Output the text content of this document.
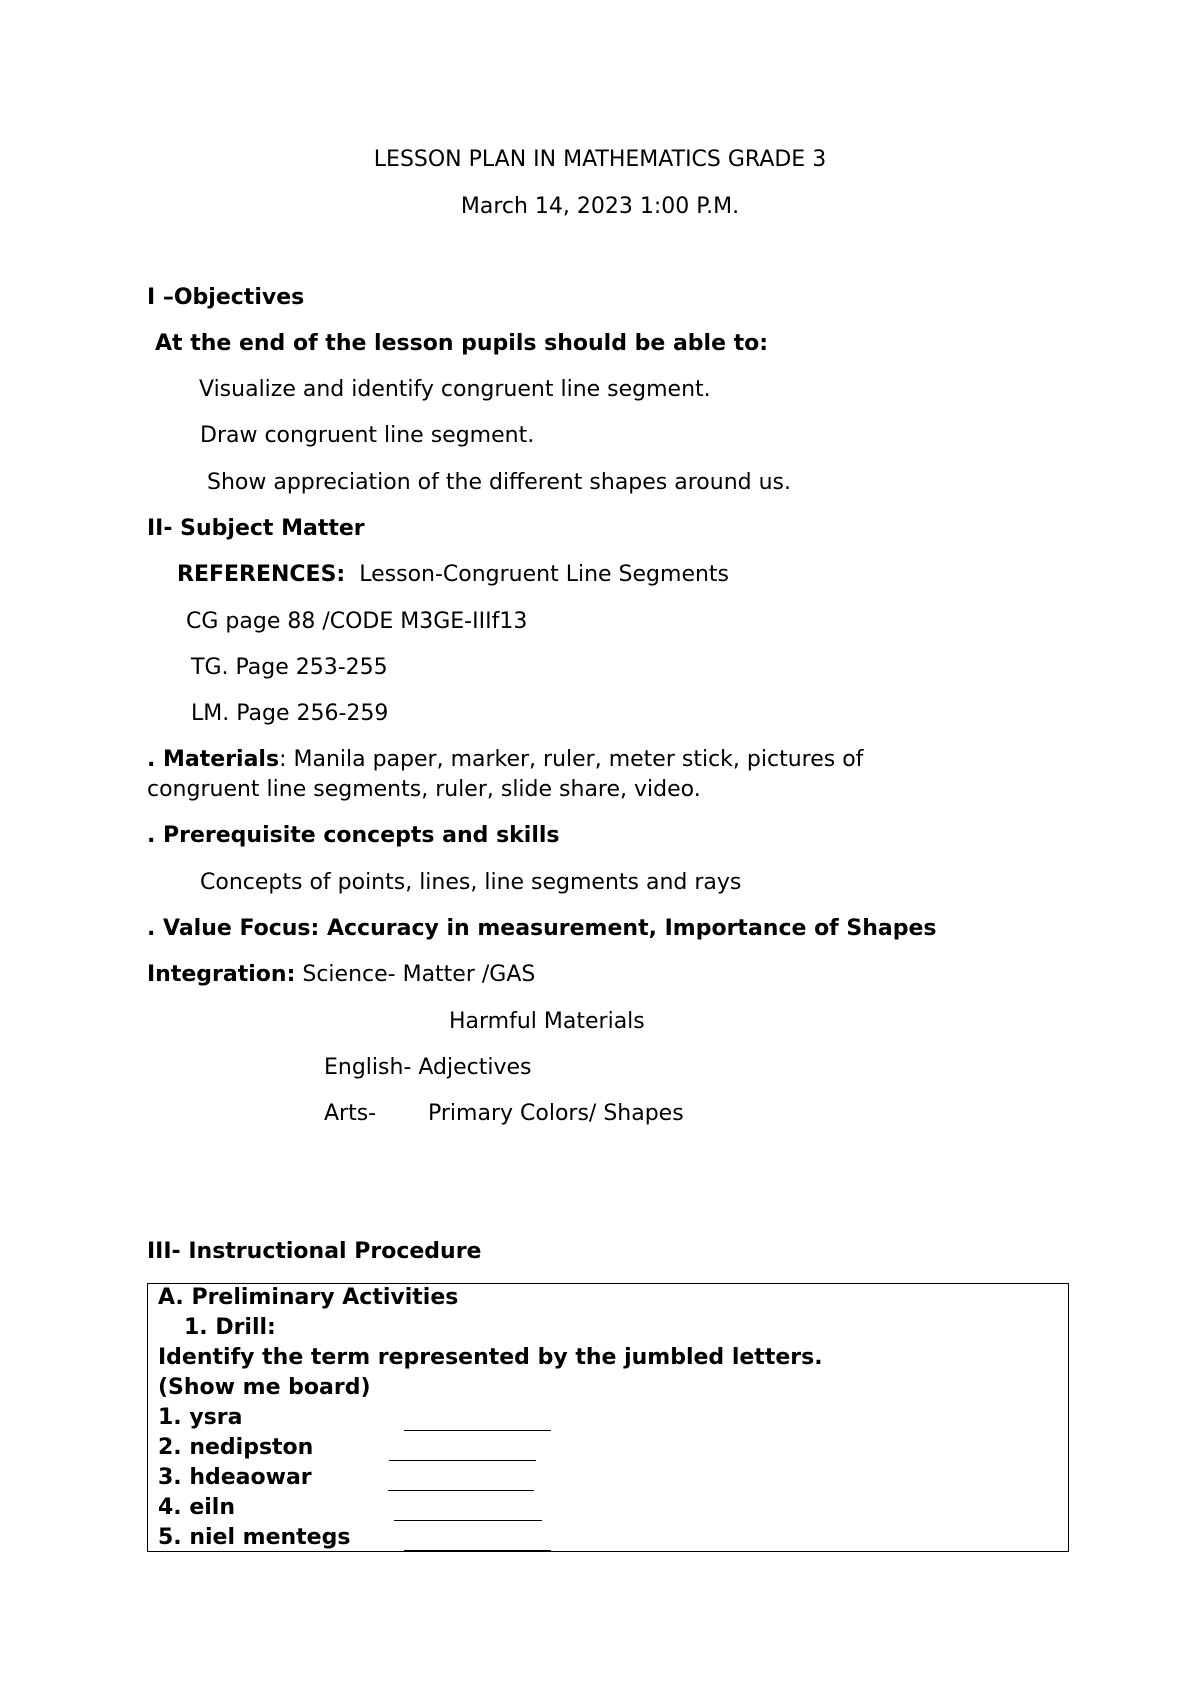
LESSON PLAN IN MATHEMATICS GRADE 3
March 14, 2023 1:00 P.M.
I –Objectives
At the end of the lesson pupils should be able to:
Visualize and identify congruent line segment.
Draw congruent line segment.
Show appreciation of the different shapes around us.
II- Subject Matter
REFERENCES: Lesson-Congruent Line Segments
CG page 88 /CODE M3GE-IIIf13
TG. Page 253-255
LM. Page 256-259
. Materials: Manila paper, marker, ruler, meter stick, pictures of
congruent line segments, ruler, slide share, video.
. Prerequisite concepts and skills
Concepts of points, lines, line segments and rays
. Value Focus: Accuracy in measurement, Importance of Shapes
Integration: Science- Matter /GAS
Harmful Materials
English- Adjectives
Arts- Primary Colors/ Shapes
III- Instructional Procedure
A. Preliminary Activities
1. Drill:
Identify the term represented by the jumbled letters.
(Show me board)
1. ysra
2. nedipston
3. hdeaowar
4. eiln
5. niel mentegs
